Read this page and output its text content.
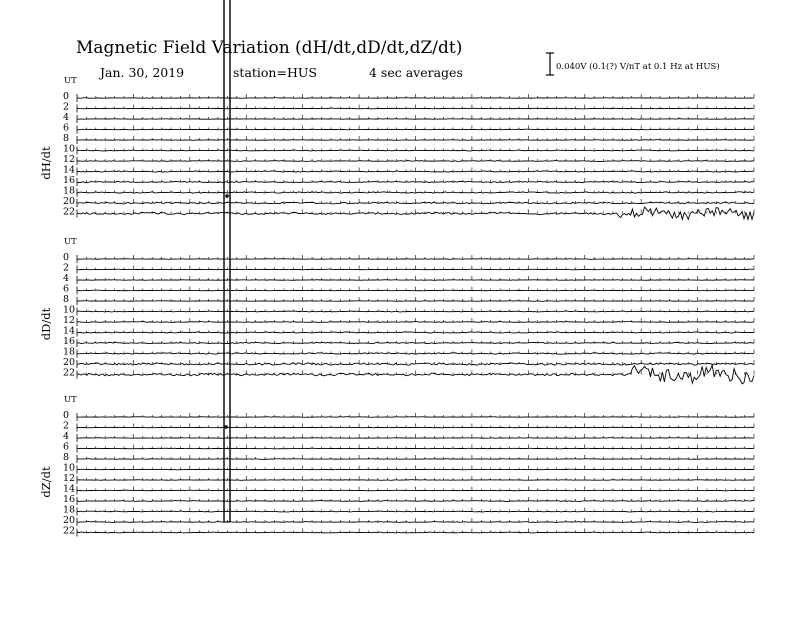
Magnetic Field Variation (dH/dt,dD/dt,dZ/dt)
Jan. 30, 2019	station=HUS	4 sec averages	0.040V (0.1(?) V/nT at 0.1 Hz at HUS)
UT
dH/dt
0
2
4
6
8
10
12
14
16
18
20
22
UT
dD/dt
0
2
4
6
8
10
12
14
16
18
20
22
UT
dZ/dt
0
2
4
6
8
10
12
14
16
18
20
22
